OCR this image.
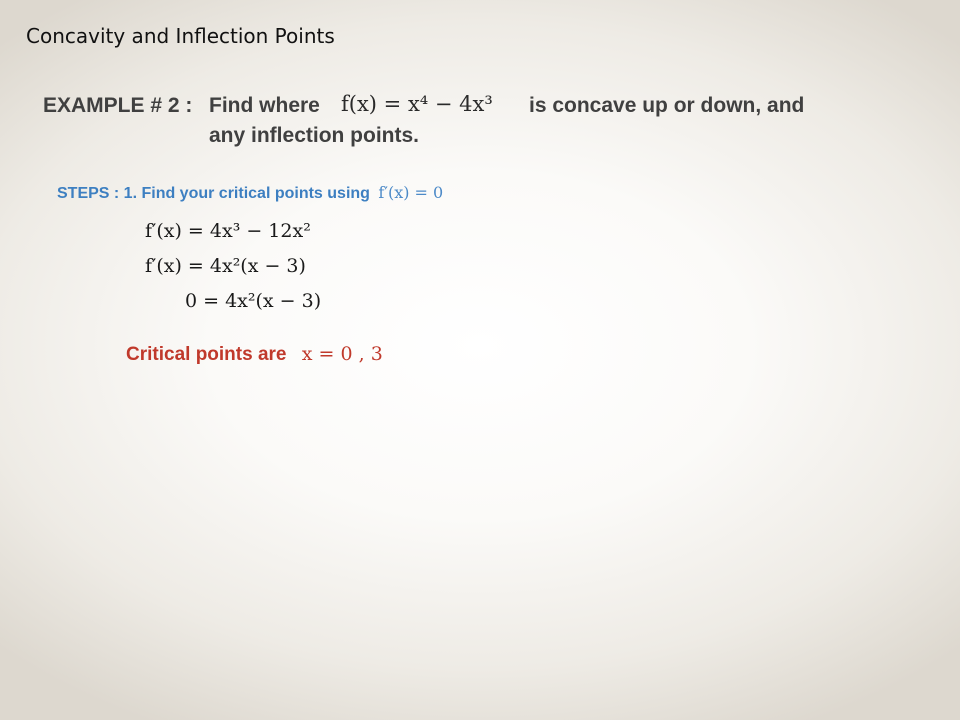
Concavity and Inflection Points
EXAMPLE # 2 : Find where f(x) = x⁴ − 4x³ is concave up or down, and
any inflection points.
STEPS : 1. Find your critical points using f′(x) = 0
f′(x) = 4x³ − 12x²
f′(x) = 4x²(x − 3)
0 = 4x²(x − 3)
Critical points are x = 0 , 3
